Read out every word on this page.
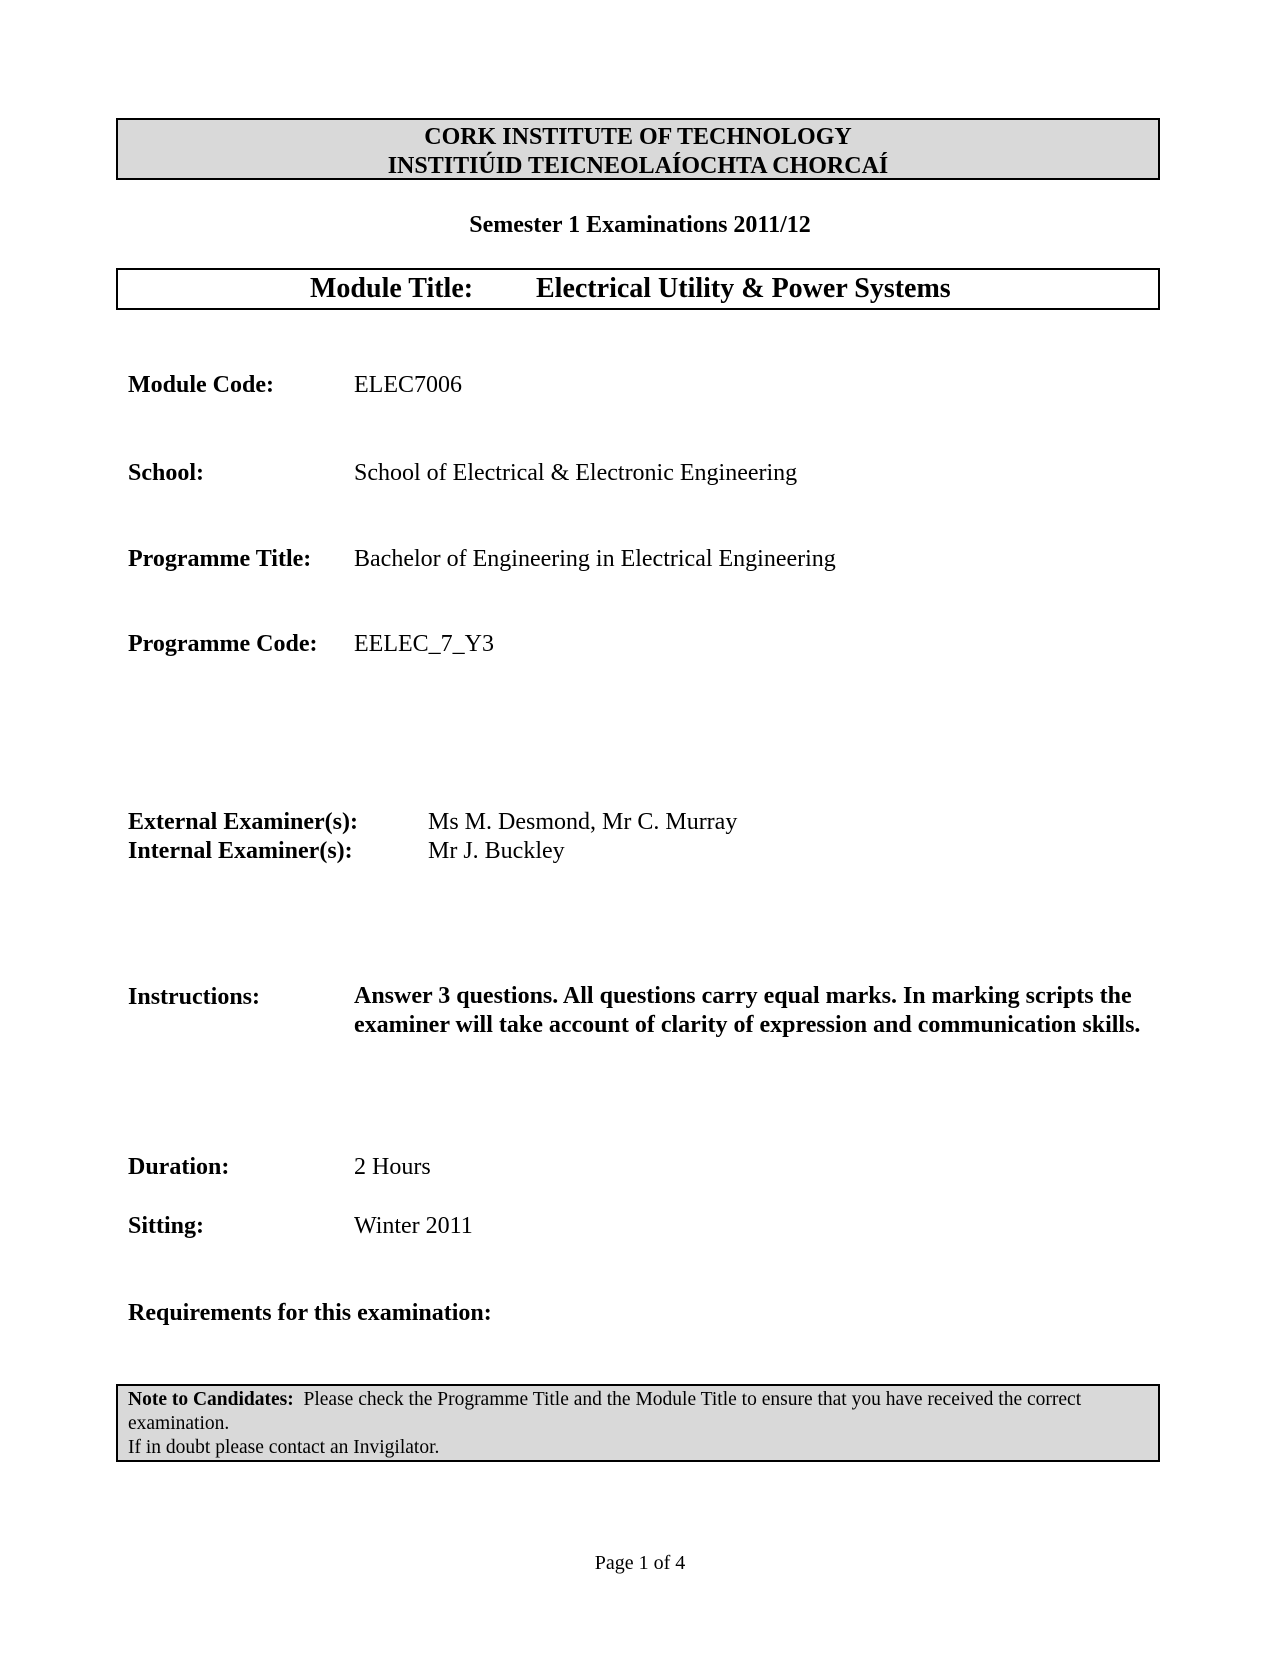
CORK INSTITUTE OF TECHNOLOGY
INSTITIÚID TEICNEOLAÍOCHTA CHORCAÍ
Semester 1 Examinations 2011/12
Module Title: Electrical Utility & Power Systems
Module Code:	ELEC7006
School:	School of Electrical & Electronic Engineering
Programme Title: Bachelor of Engineering in Electrical Engineering
Programme Code: EELEC_7_Y3
External Examiner(s):	Ms M. Desmond, Mr C. Murray
Internal Examiner(s):	Mr J. Buckley
Instructions:	Answer 3 questions. All questions carry equal marks. In marking scripts the examiner will take account of clarity of expression and communication skills.
Duration:	2 Hours
Sitting:	Winter 2011
Requirements for this examination:
Note to Candidates: Please check the Programme Title and the Module Title to ensure that you have received the correct examination.
If in doubt please contact an Invigilator.
Page 1 of 4
